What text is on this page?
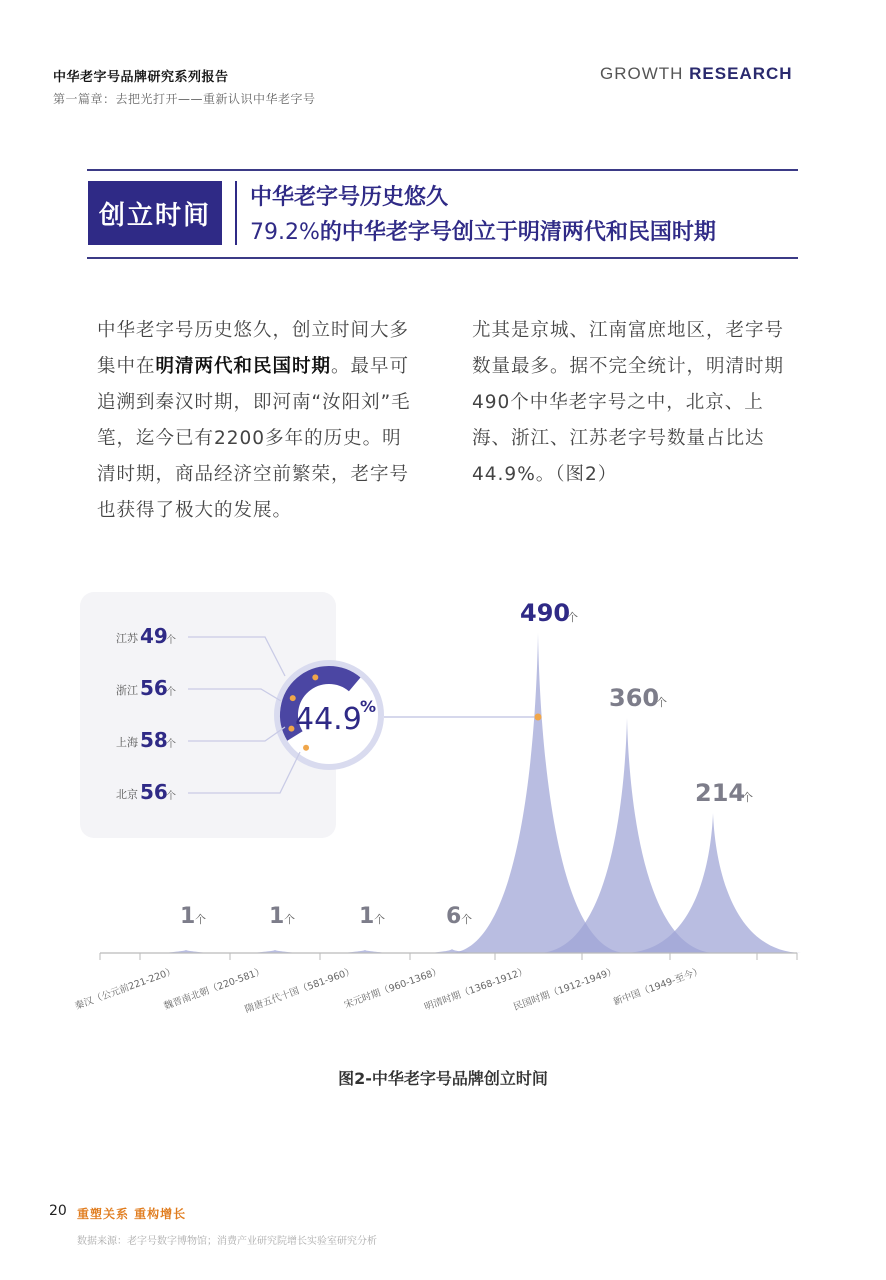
中华老字号品牌研究系列报告
第一篇章：去把光打开——重新认识中华老字号
GROWTH RESEARCH
创立时间
中华老字号历史悠久
79.2%的中华老字号创立于明清两代和民国时期
中华老字号历史悠久，创立时间大多集中在明清两代和民国时期。最早可追溯到秦汉时期，即河南“汝阳刘”毛笔，迄今已有2200多年的历史。明清时期，商品经济空前繁荣，老字号也获得了极大的发展。
尤其是京城、江南富庶地区，老字号数量最多。据不完全统计，明清时期490个中华老字号之中，北京、上海、浙江、江苏老字号数量占比达44.9%。（图2）
1 个	1 个	1 个	6 个
490
个
360
个
214
个
秦汉（公元前221-220）
魏晋南北朝（220-581）
隋唐五代十国（581-960）
宋元时期（960-1368）
明清时期（1368-1912）
民国时期（1912-1949）
新中国（1949-至今）
44.9
%
江苏 49
个
浙江 56
个
上海 58
个
北京 56
个
图2-中华老字号品牌创立时间
20 重塑关系 重构增长
数据来源：老字号数字博物馆；消费产业研究院增长实验室研究分析
